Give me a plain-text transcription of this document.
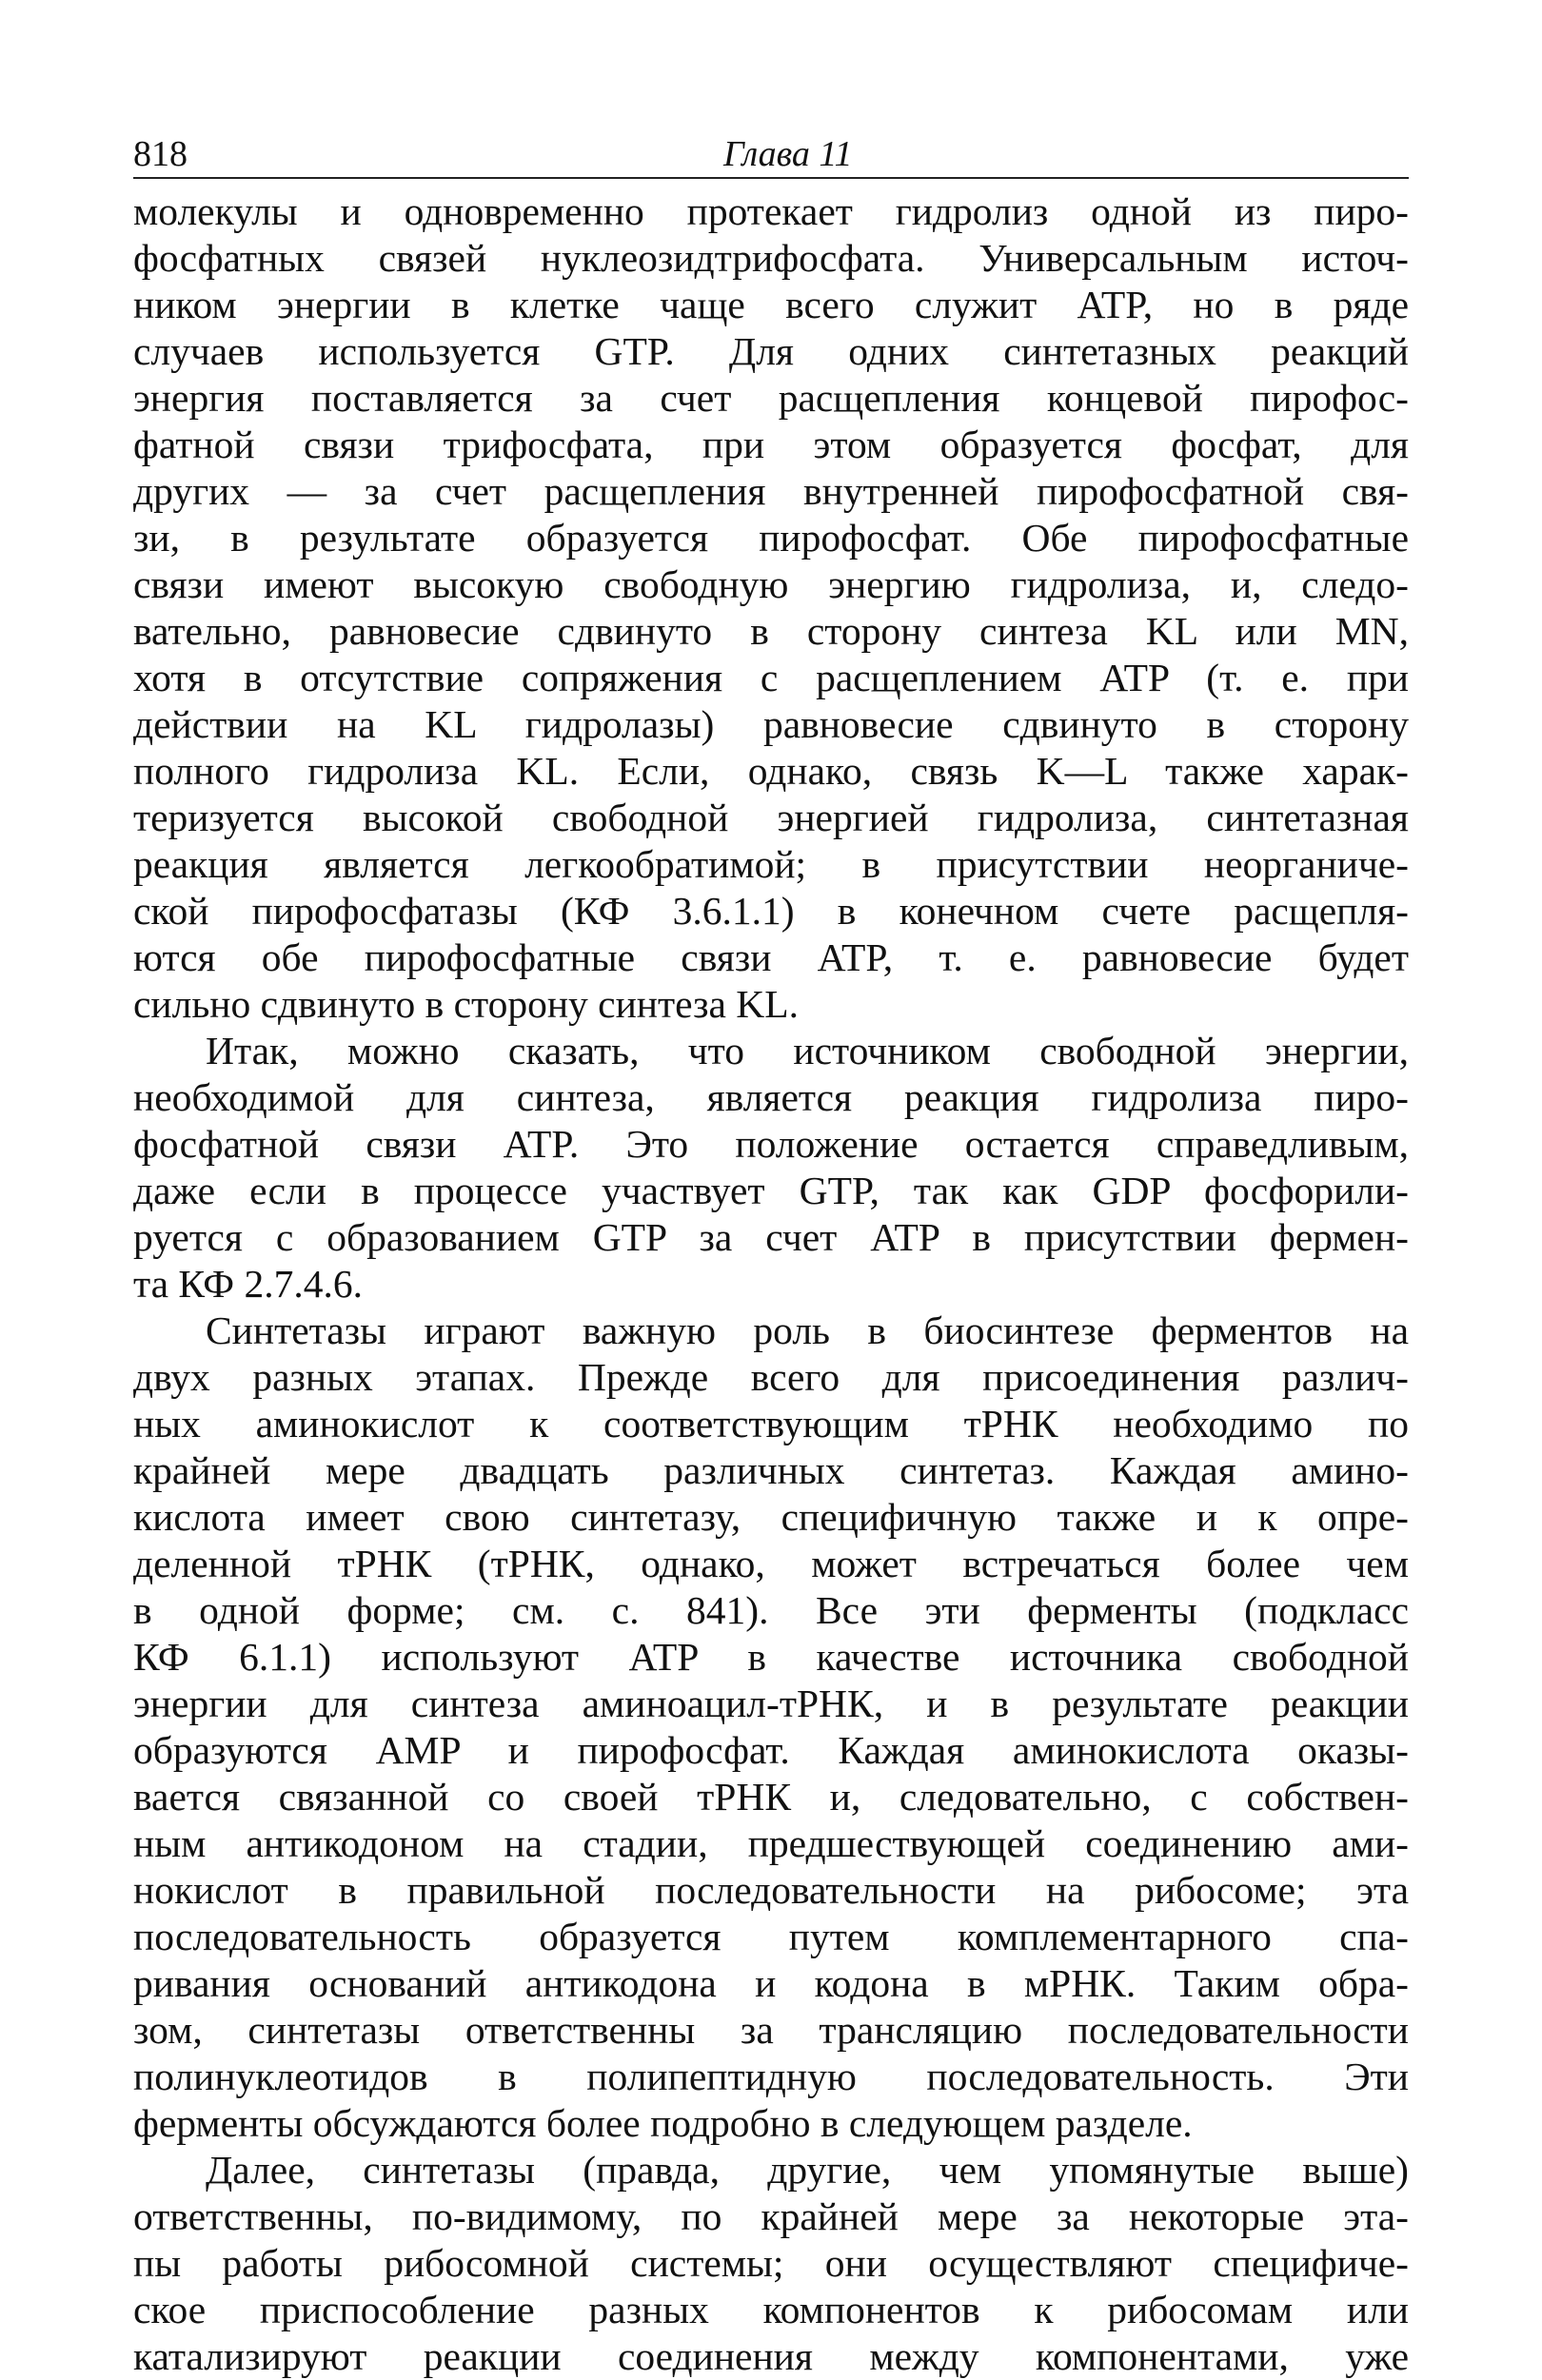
818	Глава 11
молекулы и одновременно протекает гидролиз одной из пиро-
фосфатных связей нуклеозидтрифосфата. Универсальным источ-
ником энергии в клетке чаще всего служит ATP, но в ряде
случаев используется GTP. Для одних синтетазных реакций
энергия поставляется за счет расщепления концевой пирофос-
фатной связи трифосфата, при этом образуется фосфат, для
других — за счет расщепления внутренней пирофосфатной свя-
зи, в результате образуется пирофосфат. Обе пирофосфатные
связи имеют высокую свободную энергию гидролиза, и, следо-
вательно, равновесие сдвинуто в сторону синтеза KL или MN,
хотя в отсутствие сопряжения с расщеплением ATP (т. е. при
действии на KL гидролазы) равновесие сдвинуто в сторону
полного гидролиза KL. Если, однако, связь K—L также харак-
теризуется высокой свободной энергией гидролиза, синтетазная
реакция является легкообратимой; в присутствии неорганиче-
ской пирофосфатазы (КФ 3.6.1.1) в конечном счете расщепля-
ются обе пирофосфатные связи ATP, т. е. равновесие будет
сильно сдвинуто в сторону синтеза KL.
Итак, можно сказать, что источником свободной энергии,
необходимой для синтеза, является реакция гидролиза пиро-
фосфатной связи ATP. Это положение остается справедливым,
даже если в процессе участвует GTP, так как GDP фосфорили-
руется с образованием GTP за счет ATP в присутствии фермен-
та КФ 2.7.4.6.
Синтетазы играют важную роль в биосинтезе ферментов на
двух разных этапах. Прежде всего для присоединения различ-
ных аминокислот к соответствующим тРНК необходимо по
крайней мере двадцать различных синтетаз. Каждая амино-
кислота имеет свою синтетазу, специфичную также и к опре-
деленной тРНК (тРНК, однако, может встречаться более чем
в одной форме; см. с. 841). Все эти ферменты (подкласс
КФ 6.1.1) используют ATP в качестве источника свободной
энергии для синтеза аминоацил-тРНК, и в результате реакции
образуются AMP и пирофосфат. Каждая аминокислота оказы-
вается связанной со своей тРНК и, следовательно, с собствен-
ным антикодоном на стадии, предшествующей соединению ами-
нокислот в правильной последовательности на рибосоме; эта
последовательность образуется путем комплементарного спа-
ривания оснований антикодона и кодона в мРНК. Таким обра-
зом, синтетазы ответственны за трансляцию последовательности
полинуклеотидов в полипептидную последовательность. Эти
ферменты обсуждаются более подробно в следующем разделе.
Далее, синтетазы (правда, другие, чем упомянутые выше)
ответственны, по-видимому, по крайней мере за некоторые эта-
пы работы рибосомной системы; они осуществляют специфиче-
ское приспособление разных компонентов к рибосомам или
катализируют реакции соединения между компонентами, уже
